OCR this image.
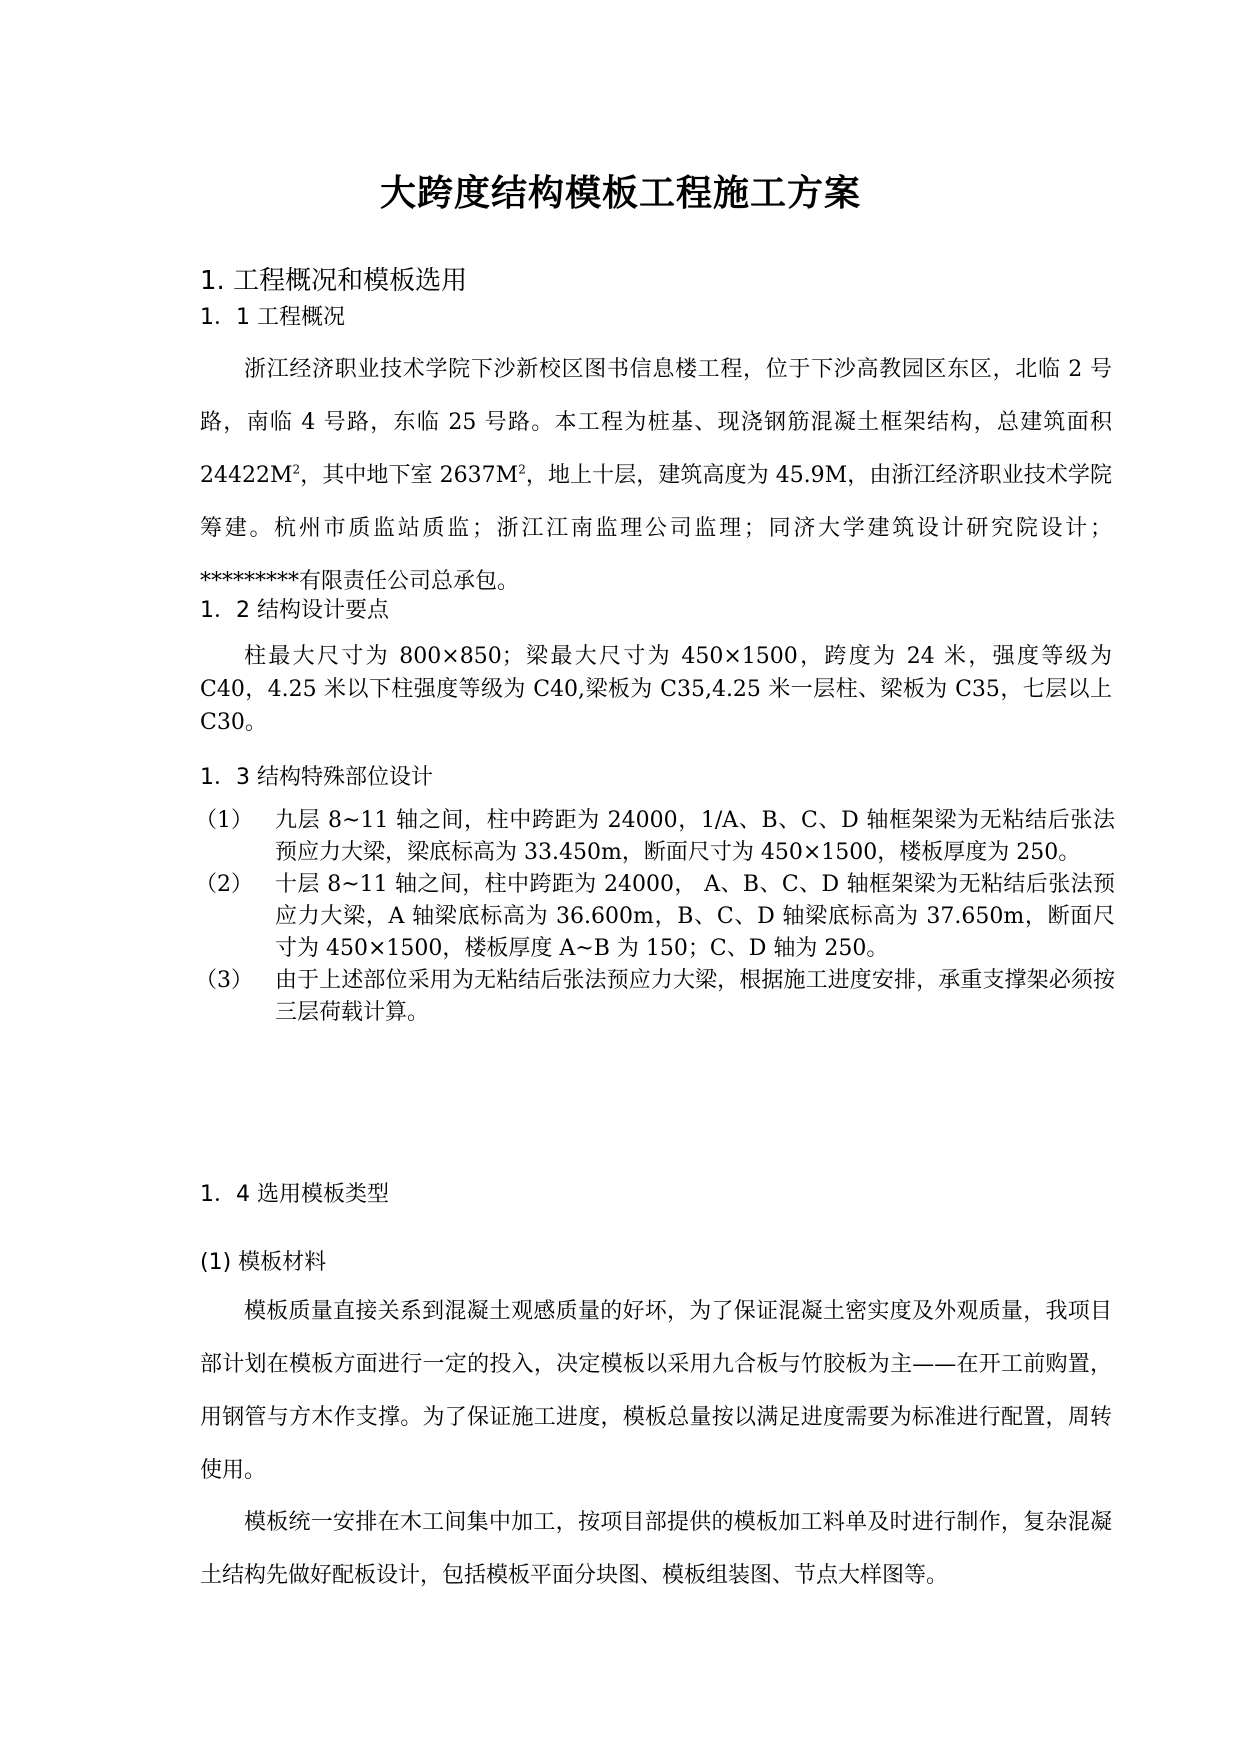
大跨度结构模板工程施工方案
1. 工程概况和模板选用
1．1 工程概况

浙江经济职业技术学院下沙新校区图书信息楼工程，位于下沙高教园区东区，北临 2 号路，南临 4 号路，东临 25 号路。本工程为桩基、现浇钢筋混凝土框架结构，总建筑面积 $24422M^2$，其中地下室 $2637M^2$，地上十层，建筑高度为 45.9M，由浙江经济职业技术学院筹建。杭州市质监站质监；浙江江南监理公司监理；同济大学建筑设计研究院设计；*********有限责任公司总承包。

1．2 结构设计要点

柱最大尺寸为 800×850；梁最大尺寸为 450×1500，跨度为 24 米，强度等级为 C40，4.25 米以下柱强度等级为 C40,梁板为 C35,4.25 米一层柱、梁板为 C35，七层以上 C30。

1．3 结构特殊部位设计
（1） 九层 8~11 轴之间，柱中跨距为 24000，1/A、B、C、D 轴框架梁为无粘结后张法预应力大梁，梁底标高为 33.450m，断面尺寸为 450×1500，楼板厚度为 250。
（2） 十层 8~11 轴之间，柱中跨距为 24000， A、B、C、D 轴框架梁为无粘结后张法预应力大梁，A 轴梁底标高为 36.600m，B、C、D 轴梁底标高为 37.650m，断面尺寸为 450×1500，楼板厚度 A~B 为 150；C、D 轴为 250。
（3） 由于上述部位采用为无粘结后张法预应力大梁，根据施工进度安排，承重支撑架必须按三层荷载计算。
1．4 选用模板类型
(1) 模板材料

模板质量直接关系到混凝土观感质量的好坏，为了保证混凝土密实度及外观质量，我项目部计划在模板方面进行一定的投入，决定模板以采用九合板与竹胶板为主——在开工前购置，用钢管与方木作支撑。为了保证施工进度，模板总量按以满足进度需要为标准进行配置，周转使用。

模板统一安排在木工间集中加工，按项目部提供的模板加工料单及时进行制作，复杂混凝土结构先做好配板设计，包括模板平面分块图、模板组装图、节点大样图等。
